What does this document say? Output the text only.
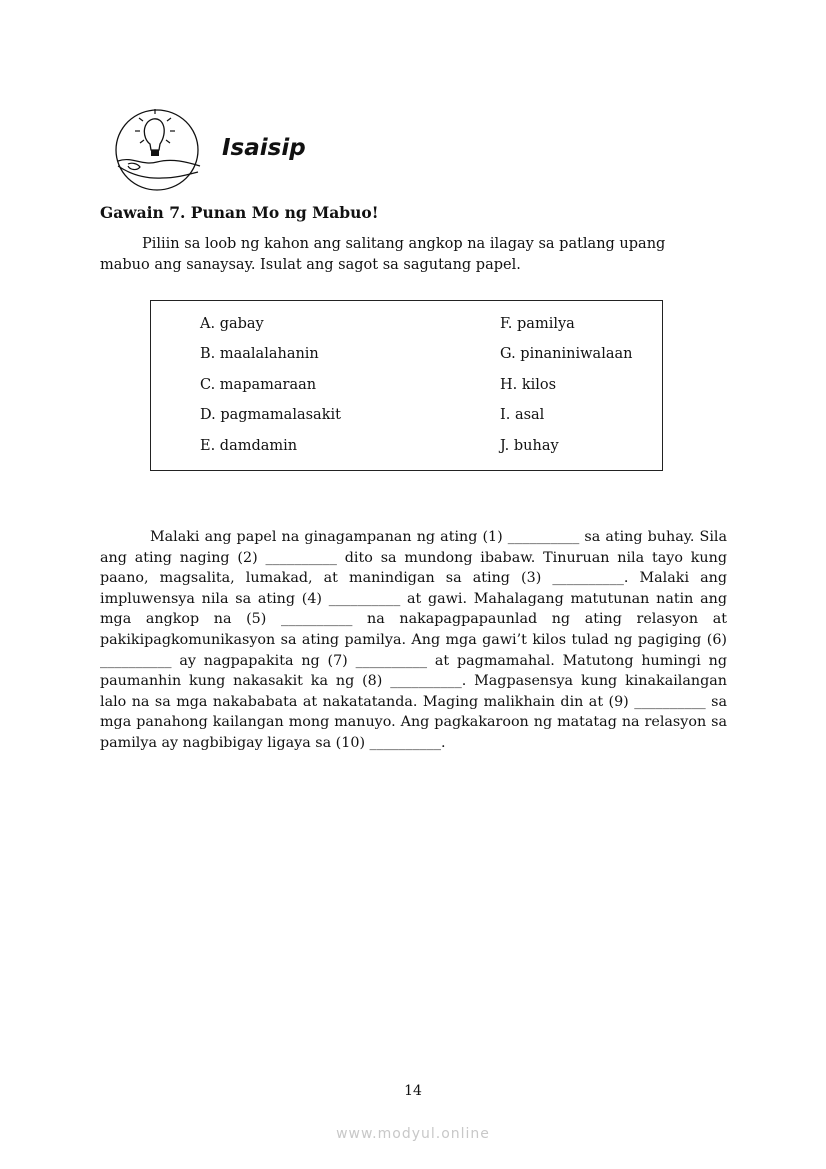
Isaisip
Gawain 7. Punan Mo ng Mabuo!
Piliin sa loob ng kahon ang salitang angkop na ilagay sa patlang upang mabuo ang sanaysay. Isulat ang sagot sa sagutang papel.
A. gabay
B. maalalahanin
C. mapamaraan
D. pagmamalasakit
E. damdamin
F. pamilya
G. pinaniniwalaan
H. kilos
I. asal
J. buhay
Malaki ang papel na ginagampanan ng ating (1) __________ sa ating buhay. Sila ang ating naging (2) __________ dito sa mundong ibabaw. Tinuruan nila tayo kung paano, magsalita, lumakad, at manindigan sa ating (3) __________. Malaki ang impluwensya nila sa ating (4) __________ at gawi. Mahalagang matutunan natin ang mga angkop na (5) __________ na nakapagpapaunlad ng ating relasyon at pakikipagkomunikasyon sa ating pamilya. Ang mga gawi’t kilos tulad ng pagiging (6) __________ ay nagpapakita ng (7) __________ at pagmamahal. Matutong humingi ng paumanhin kung nakasakit ka ng (8) __________. Magpasensya kung kinakailangan lalo na sa mga nakababata at nakatatanda. Maging malikhain din at (9) __________ sa mga panahong kailangan mong manuyo. Ang pagkakaroon ng matatag na relasyon sa pamilya ay nagbibigay ligaya sa (10) __________.
14
www.modyul.online
